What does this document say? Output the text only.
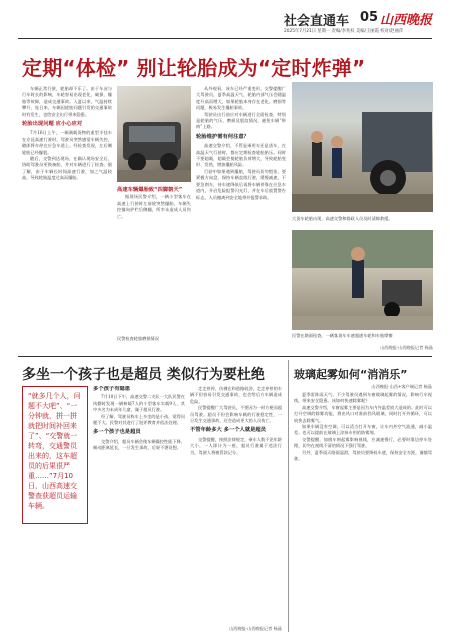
社会直通车 05 山西晚报
2025年7月21日 星期一 责编/李兆权 美编/王丽霞 校对/赵丽萍
定期“体检” 别让轮胎成为“定时炸弹”

车辆正常行驶，轮胎却不乐了。由于车况与行车时长的影响，车轮容易出现老化、破损、爆胎等故障，造成交通事故。入夏以来，气温持续攀升，连日来，车辆因轮胎问题引发的交通事故时有发生，也给安全出行带来隐患。

轮胎出现问题 应小心应对

7月16日上午，一辆满载货物的重型半挂车在京昆高速行驶时，驾驶员突然感觉车辆失控，随即将车停在应急车道上。经检查发现，左后侧轮胎已经爆裂。

随后，交警到达现场，在确认现场安全后，协助驾驶员更换备胎，并对车辆进行了检查。据了解，由于车辆长时间高速行驶，加之气温较高，导致轮胎温度过高而爆胎。

高速车辆爆胎致“四脚朝天”

据现场民警介绍，一辆小型客车在高速上行驶时左前轮突然爆胎，车辆失控撞向护栏后侧翻，所幸未造成人员伤亡。

从外观看，该车已经严重变形。交警提醒广大驾驶员，夏季高温天气，轮胎内部气压会随温度升高而增大，如果轮胎本身存在老化、磨损等问题，极易发生爆胎事故。

驾驶员出行前应对车辆进行全面检查，特别是轮胎的气压、磨损及裂纹情况，避免车辆“带病”上路。

轮胎维护需有何注意？

高速交警介绍，不管是乘用车还是货车，在高温天气行驶时，都应定期检查轮胎胎压。同时不要超载，超载会使轮胎负荷增大，导致轮胎变形、发热，增加爆胎风险。

行驶中如果遇到爆胎，驾驶员切勿慌张，要紧握方向盘，保持车辆直线行驶，缓慢减速，不要急刹车，待车速降低后再将车辆停靠在应急车道内，开启危险报警闪光灯，并在车后放置警告标志，人员撤离到安全地带并报警求助。

大货车轮胎出现，高速交警和路政人员及时清障救援。
民警在路面检查，一辆客货车车速超速车轮和车胎摩擦
山西晚报·山西晚报记者 杨晶
多坐一个孩子也是超员 类似行为要杜绝
“就多几个人，问题不大吧”、“一分钟就，拼一拼就把时间补回来了”、“交警就一转弯，交通警员出来的，这车超员的后果很严重……”7月10日，山西高速交警查获超员运输车辆。
多个孩子有隐患

7月10日下午，高速交警二支队一大队民警在执勤时发现一辆核载7人的小型客车实载9人，其中多名为未成年儿童，属于超员行驶。

经了解，驾驶员称车上多坐的是小孩，觉得问题不大。民警对其进行了批评教育并依法处理。

多一个孩子也是超员

交警介绍，超员车辆会使车辆操控性能下降，制动距离延长，一旦发生事故，后果不堪设想。

走走停停，仿佛在和道路较劲，走走停停的车辆不但容易引发交通事故，也会给后方车辆造成危险。

民警提醒广大驾驶员，不要因为一时方便而超员驾驶。超员不但会影响车辆的行驶稳定性，一旦发生交通事故，还会造成更大的人员伤亡。

不管年龄多大 多一个人就是超员

交警提醒，按照法律规定，乘车人数不论年龄大小，一人即计为一座，超员行驶属于违法行为，驾驶人将被罚款记分。

山西晚报·山西晚报记者 杨晶
玻璃起雾如何“消消乐”
山西晚报·山西+客户端记者 杨晶

夏季雷阵雨天气，不少驾驶员遇到车窗玻璃起雾的情况，影响行车视线，带来安全隐患。该如何快速除雾呢？

高速交警介绍，车窗起雾主要是因为车内外温差较大造成的。此时可以打开空调的除雾功能，将出风口对准前挡风玻璃，同时打开外循环，可以较快去除雾气。

如果车辆没有空调，可以适当打开车窗，让车内外空气流通，减小温差。也可以提前在玻璃上涂抹专用的防雾剂。

交警提醒，如遇车窗起雾影响视线，应减速慢行，必要时靠边停车处理，切勿在视线不清的情况下强行驾驶。

另外，夏季雨天路面湿滑，驾驶员要降低车速，保持安全车距，谨慎驾驶。

民警检查轮胎磨损情况
